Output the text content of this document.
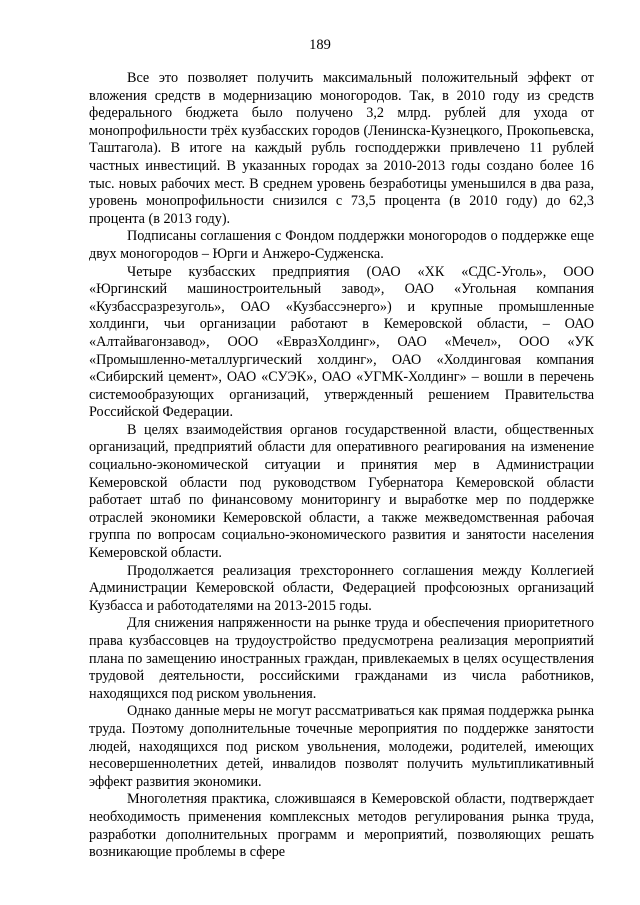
189

Все это позволяет получить максимальный положительный эффект от вложения средств в модернизацию моногородов. Так, в 2010 году из средств федерального бюджета было получено 3,2 млрд. рублей для ухода от монопрофильности трёх кузбасских городов (Ленинска-Кузнецкого, Прокопьевска, Таштагола). В итоге на каждый рубль господдержки привлечено 11 рублей частных инвестиций. В указанных городах за 2010-2013 годы создано более 16 тыс. новых рабочих мест. В среднем уровень безработицы уменьшился в два раза, уровень монопрофильности снизился с 73,5 процента (в 2010 году) до 62,3 процента (в 2013 году).

Подписаны соглашения с Фондом поддержки моногородов о поддержке еще двух моногородов – Юрги и Анжеро-Судженска.

Четыре кузбасских предприятия (ОАО «ХК «СДС-Уголь», ООО «Юргинский машиностроительный завод», ОАО «Угольная компания «Кузбассразрезуголь», ОАО «Кузбассэнерго») и крупные промышленные холдинги, чьи организации работают в Кемеровской области, – ОАО «Алтайвагонзавод», ООО «ЕвразХолдинг», ОАО «Мечел», ООО «УК «Промышленно-металлургический холдинг», ОАО «Холдинговая компания «Сибирский цемент», ОАО «СУЭК», ОАО «УГМК-Холдинг» – вошли в перечень системообразующих организаций, утвержденный решением Правительства Российской Федерации.

В целях взаимодействия органов государственной власти, общественных организаций, предприятий области для оперативного реагирования на изменение социально-экономической ситуации и принятия мер в Администрации Кемеровской области под руководством Губернатора Кемеровской области работает штаб по финансовому мониторингу и выработке мер по поддержке отраслей экономики Кемеровской области, а также межведомственная рабочая группа по вопросам социально-экономического развития и занятости населения Кемеровской области.

Продолжается реализация трехстороннего соглашения между Коллегией Администрации Кемеровской области, Федерацией профсоюзных организаций Кузбасса и работодателями на 2013-2015 годы.

Для снижения напряженности на рынке труда и обеспечения приоритетного права кузбассовцев на трудоустройство предусмотрена реализация мероприятий плана по замещению иностранных граждан, привлекаемых в целях осуществления трудовой деятельности, российскими гражданами из числа работников, находящихся под риском увольнения.

Однако данные меры не могут рассматриваться как прямая поддержка рынка труда. Поэтому дополнительные точечные мероприятия по поддержке занятости людей, находящихся под риском увольнения, молодежи, родителей, имеющих несовершеннолетних детей, инвалидов позволят получить мультипликативный эффект развития экономики.

Многолетняя практика, сложившаяся в Кемеровской области, подтверждает необходимость применения комплексных методов регулирования рынка труда, разработки дополнительных программ и мероприятий, позволяющих решать возникающие проблемы в сфере
